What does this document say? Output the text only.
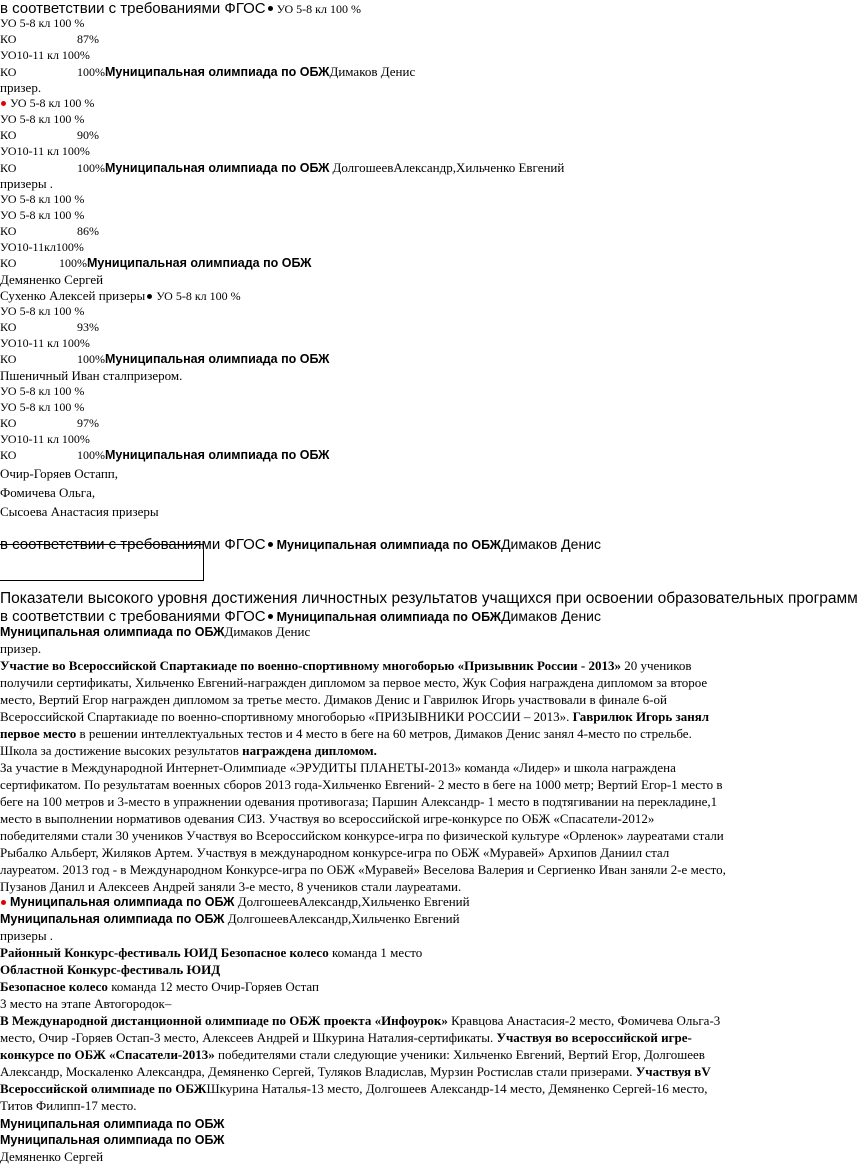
в соответствии с требованиями ФГОС УО 5-8 кл 100 %
УО 5-8 кл 100 %
КО	87%
УО10-11 кл 100%
КО	100%Муниципальная олимпиада по ОБЖДимаков Денис
призер.
УО 5-8 кл 100 %
УО 5-8 кл 100 %
КО	90%
УО10-11 кл 100%
КО	100%Муниципальная олимпиада по ОБЖ ДолгошеевАлександр,Хильченко Евгений
призеры .
УО 5-8 кл 100 %
УО 5-8 кл 100 %
КО	86%
УО10-11кл100%
КО	100%Муниципальная олимпиада по ОБЖ
Демяненко Сергей
Сухенко Алексей призеры УО 5-8 кл 100 %
УО 5-8 кл 100 %
КО	93%
УО10-11 кл 100%
КО	100%Муниципальная олимпиада по ОБЖ
Пшеничный Иван сталпризером.
УО 5-8 кл 100 %
УО 5-8 кл 100 %
КО	97%
УО10-11 кл 100%
КО	100%Муниципальная олимпиада по ОБЖ
Очир-Горяев Остапп,
Фомичева Ольга,
Сысоева Анастасия призеры
в соответствии с требованиями ФГОС Муниципальная олимпиада по ОБЖДимаков Денис
Показатели высокого уровня достижения личностных результатов учащихся при освоении образовательных программ
в соответствии с требованиями ФГОС Муниципальная олимпиада по ОБЖДимаков Денис
Муниципальная олимпиада по ОБЖДимаков Денис
призер.
Участие во Всероссийской Спартакиаде по военно-спортивному многоборью «Призывник России - 2013» 20 учеников
получили сертификаты, Хильченко Евгений-награжден дипломом за первое место, Жук София награждена дипломом за второе
место, Вертий Егор награжден дипломом за третье место. Димаков Денис и Гаврилюк Игорь участвовали в финале 6-ой
Всероссийской Спартакиаде по военно-спортивному многоборью «ПРИЗЫВНИКИ РОССИИ – 2013». Гаврилюк Игорь занял
первое место в решении интеллектуальных тестов и 4 место в беге на 60 метров, Димаков Денис занял 4-место по стрельбе.
Школа за достижение высоких результатов награждена дипломом.
За участие в Международной Интернет-Олимпиаде «ЭРУДИТЫ ПЛАНЕТЫ-2013» команда «Лидер» и школа награждена
сертификатом. По результатам военных сборов 2013 года-Хильченко Евгений- 2 место в беге на 1000 метр; Вертий Егор-1 место в
беге на 100 метров и 3-место в упражнении одевания противогаза; Паршин Александр- 1 место в подтягивании на перекладине,1
место в выполнении нормативов одевания СИЗ. Участвуя во всероссийской игре-конкурсе по ОБЖ «Спасатели-2012»
победителями стали 30 учеников Участвуя во Всероссийском конкурсе-игра по физической культуре «Орленок» лауреатами стали
Рыбалко Альберт, Жиляков Артем. Участвуя в международном конкурсе-игра по ОБЖ «Муравей» Архипов Даниил стал
лауреатом. 2013 год - в Международном Конкурсе-игра по ОБЖ «Муравей» Веселова Валерия и Сергиенко Иван заняли 2-е место,
Пузанов Данил и Алексеев Андрей заняли 3-е место, 8 учеников стали лауреатами.
Муниципальная олимпиада по ОБЖ ДолгошеевАлександр,Хильченко Евгений
Муниципальная олимпиада по ОБЖ ДолгошеевАлександр,Хильченко Евгений
призеры .
Районный Конкурс-фестиваль ЮИД Безопасное колесо команда 1 место
Областной Конкурс-фестиваль ЮИД
Безопасное колесо команда 12 место Очир-Горяев Остап
3 место на этапе Автогородок–
В Международной дистанционной олимпиаде по ОБЖ проекта «Инфоурок» Кравцова Анастасия-2 место, Фомичева Ольга-3
место, Очир -Горяев Остап-3 место, Алексеев Андрей и Шкурина Наталия-сертификаты. Участвуя во всероссийской игре-
конкурсе по ОБЖ «Спасатели-2013» победителями стали следующие ученики: Хильченко Евгений, Вертий Егор, Долгошеев
Александр, Москаленко Александра, Демяненко Сергей, Туляков Владислав, Мурзин Ростислав стали призерами. Участвуя вV
Всероссийской олимпиаде по ОБЖШкурина Наталья-13 место, Долгошеев Александр-14 место, Демяненко Сергей-16 место,
Титов Филипп-17 место.
Муниципальная олимпиада по ОБЖ
Муниципальная олимпиада по ОБЖ
Демяненко Сергей
